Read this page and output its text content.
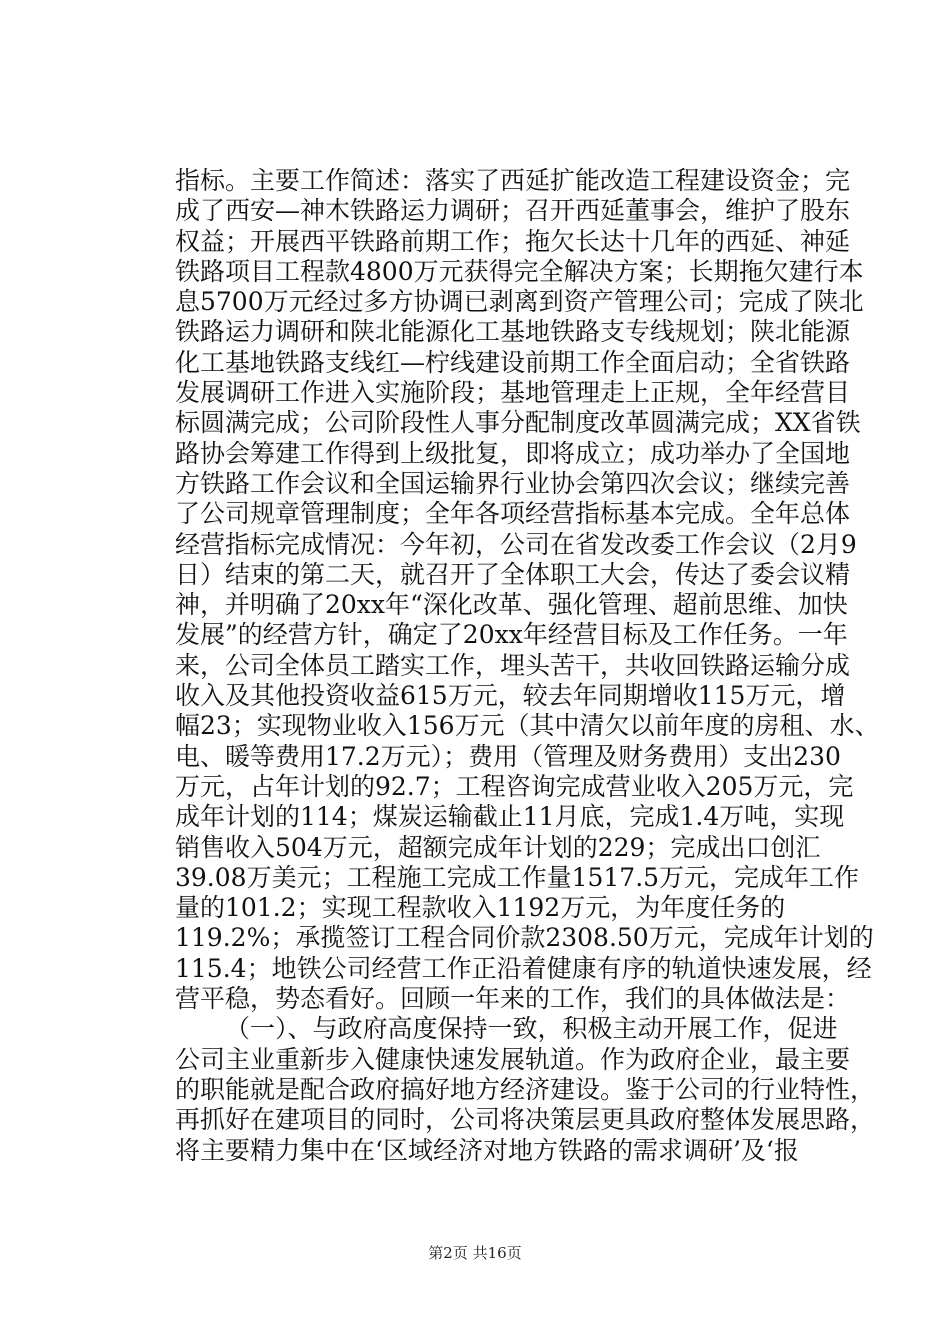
指标。主要工作简述：落实了西延扩能改造工程建设资金；完
成了西安—神木铁路运力调研；召开西延董事会，维护了股东
权益；开展西平铁路前期工作；拖欠长达十几年的西延、神延
铁路项目工程款4800万元获得完全解决方案；长期拖欠建行本
息5700万元经过多方协调已剥离到资产管理公司；完成了陕北
铁路运力调研和陕北能源化工基地铁路支专线规划；陕北能源
化工基地铁路支线红—柠线建设前期工作全面启动；全省铁路
发展调研工作进入实施阶段；基地管理走上正规，全年经营目
标圆满完成；公司阶段性人事分配制度改革圆满完成；XX省铁
路协会筹建工作得到上级批复，即将成立；成功举办了全国地
方铁路工作会议和全国运输界行业协会第四次会议；继续完善
了公司规章管理制度；全年各项经营指标基本完成。全年总体
经营指标完成情况：今年初，公司在省发改委工作会议（2月9
日）结束的第二天，就召开了全体职工大会，传达了委会议精
神，并明确了20xx年“深化改革、强化管理、超前思维、加快
发展”的经营方针，确定了20xx年经营目标及工作任务。一年
来，公司全体员工踏实工作，埋头苦干，共收回铁路运输分成
收入及其他投资收益615万元，较去年同期增收115万元，增
幅23；实现物业收入156万元（其中清欠以前年度的房租、水、
电、暖等费用17.2万元）；费用（管理及财务费用）支出230
万元，占年计划的92.7；工程咨询完成营业收入205万元，完
成年计划的114；煤炭运输截止11月底，完成1.4万吨，实现
销售收入504万元，超额完成年计划的229；完成出口创汇
39.08万美元；工程施工完成工作量1517.5万元，完成年工作
量的101.2；实现工程款收入1192万元，为年度任务的
119.2%；承揽签订工程合同价款2308.50万元，完成年计划的
115.4；地铁公司经营工作正沿着健康有序的轨道快速发展，经
营平稳，势态看好。回顾一年来的工作，我们的具体做法是：
（一）、与政府高度保持一致，积极主动开展工作，促进
公司主业重新步入健康快速发展轨道。作为政府企业，最主要
的职能就是配合政府搞好地方经济建设。鉴于公司的行业特性，
再抓好在建项目的同时，公司将决策层更具政府整体发展思路，
将主要精力集中在‘区域经济对地方铁路的需求调研’及‘报
第2页 共16页
